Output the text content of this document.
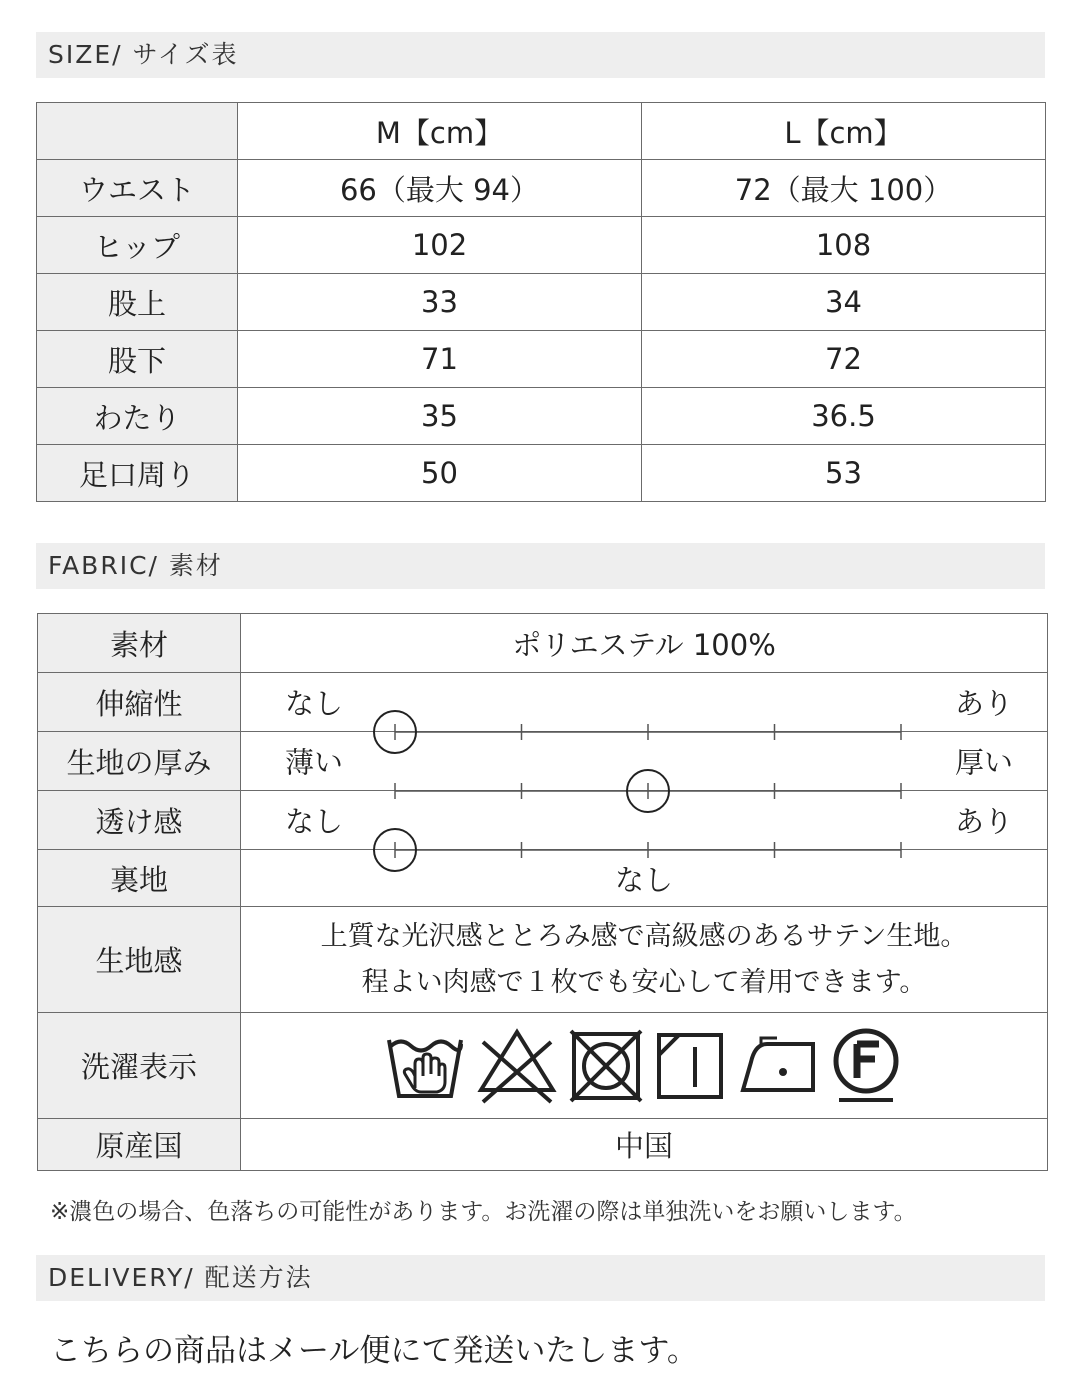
SIZE/ サイズ表
	M【cm】	L【cm】
ウエスト	66（最大 94）	72（最大 100）
ヒップ	102	108
股上	33	34
股下	71	72
わたり	35	36.5
足口周り	50	53
FABRIC/ 素材
素材	ポリエステル 100%
伸縮性	なし あり

生地の厚み	薄い 厚い

透け感	なし あり

裏地	なし
生地感	上質な光沢感ととろみ感で高級感のあるサテン生地。
程よい肉感で１枚でも安心して着用できます。

洗濯表示	

原産国	中国
※濃色の場合、色落ちの可能性があります。お洗濯の際は単独洗いをお願いします。
DELIVERY/ 配送方法
こちらの商品はメール便にて発送いたします。
